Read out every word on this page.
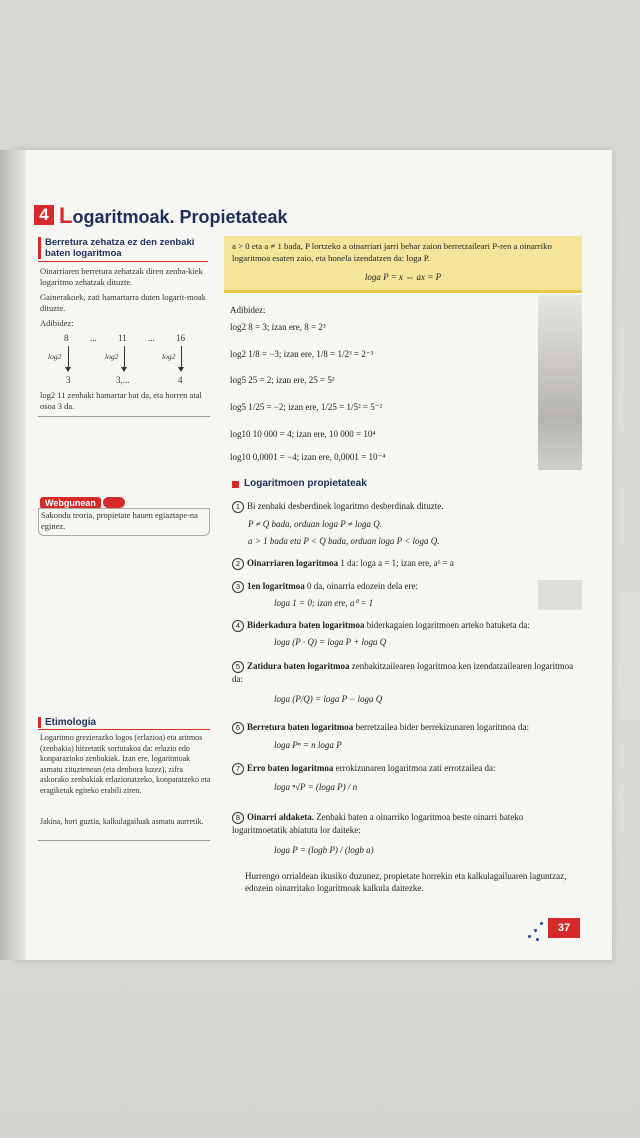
4 Logaritmoak. Propietateak
Berretura zehatza ez den zenbaki
baten logaritmoa
Oinarriaren berretura zehatzak diren zenba-kiek logaritmo zehatzak dituzte.
Gainerakoek, zati hamartarra duten logarit-moak dituzte.
Adibidez:
8 ... 11 ... 16
log2	log2	log2
3	3,...	4
log2 11 zenbaki hamartar bat da, eta horren atal osoa 3 da.
Webgunean
Sakondu teoria, propietate hauen egiaztape-na eginez.
Etimologia
Logaritmo grezierazko logos (erlazioa) eta aritmos (zenbakia) hitzetatik sortutakoa da: erlazio edo konparazioko zenbakiak. Izan ere, logaritmoak asmatu zituztenean (eta denbora luzez), zifra askorako zenbakiak erlazionatzeko, konparatzeko eta eragiketak egiteko erabili ziren.
Jakina, hori guztia, kalkulagailuak asmatu aurretik.
a > 0 eta a ≠ 1 bada, P lortzeko a oinarriari jarri behar zaion berretzaileari P-ren a oinarriko logaritmoa esaten zaio, eta honela izendatzen da: loga P.
loga P = x ⇔ ax = P
Adibidez:
log2 8 = 3; izan ere, 8 = 2³
log2 1/8 = −3; izan ere, 1/8 = 1/2³ = 2⁻³
log5 25 = 2; izan ere, 25 = 5²
log5 1/25 = −2; izan ere, 1/25 = 1/5² = 5⁻²
log10 10 000 = 4; izan ere, 10 000 = 10⁴
log10 0,0001 = −4; izan ere, 0,0001 = 10⁻⁴
Logaritmoen propietateak
1 Bi zenbaki desberdinek logaritmo desberdinak dituzte.
P ≠ Q bada, orduan loga P ≠ loga Q.
a > 1 bada eta P < Q bada, orduan loga P < loga Q.
2 Oinarriaren logaritmoa 1 da: loga a = 1; izan ere, a¹ = a
3 1en logaritmoa 0 da, oinarria edozein dela ere:
loga 1 = 0; izan ere, a⁰ = 1
4 Biderkadura baten logaritmoa biderkagaien logaritmoen arteko batuketa da:
loga (P · Q) = loga P + loga Q
5 Zatidura baten logaritmoa zenbakitzailearen logaritmoa ken izendatzailearen logaritmoa da:
loga (P/Q) = loga P − loga Q
6 Berretura baten logaritmoa berretzailea bider berrekizunaren logaritmoa da:
loga Pⁿ = n loga P
7 Erro baten logaritmoa errokizunaren logaritmoa zati errotzailea da:
loga ⁿ√P = (loga P) / n
8 Oinarri aldaketa. Zenbaki baten a oinarriko logaritmoa beste oinarri bateko logaritmoetatik abiatuta lor daiteke:
loga P = (logb P) / (logb a)
Hurrengo orrialdean ikusiko duzunez, propietate horrekin eta kalkulagailuaren laguntzaz, edozein oinarritako logaritmoak kalkula daitezke.
37
